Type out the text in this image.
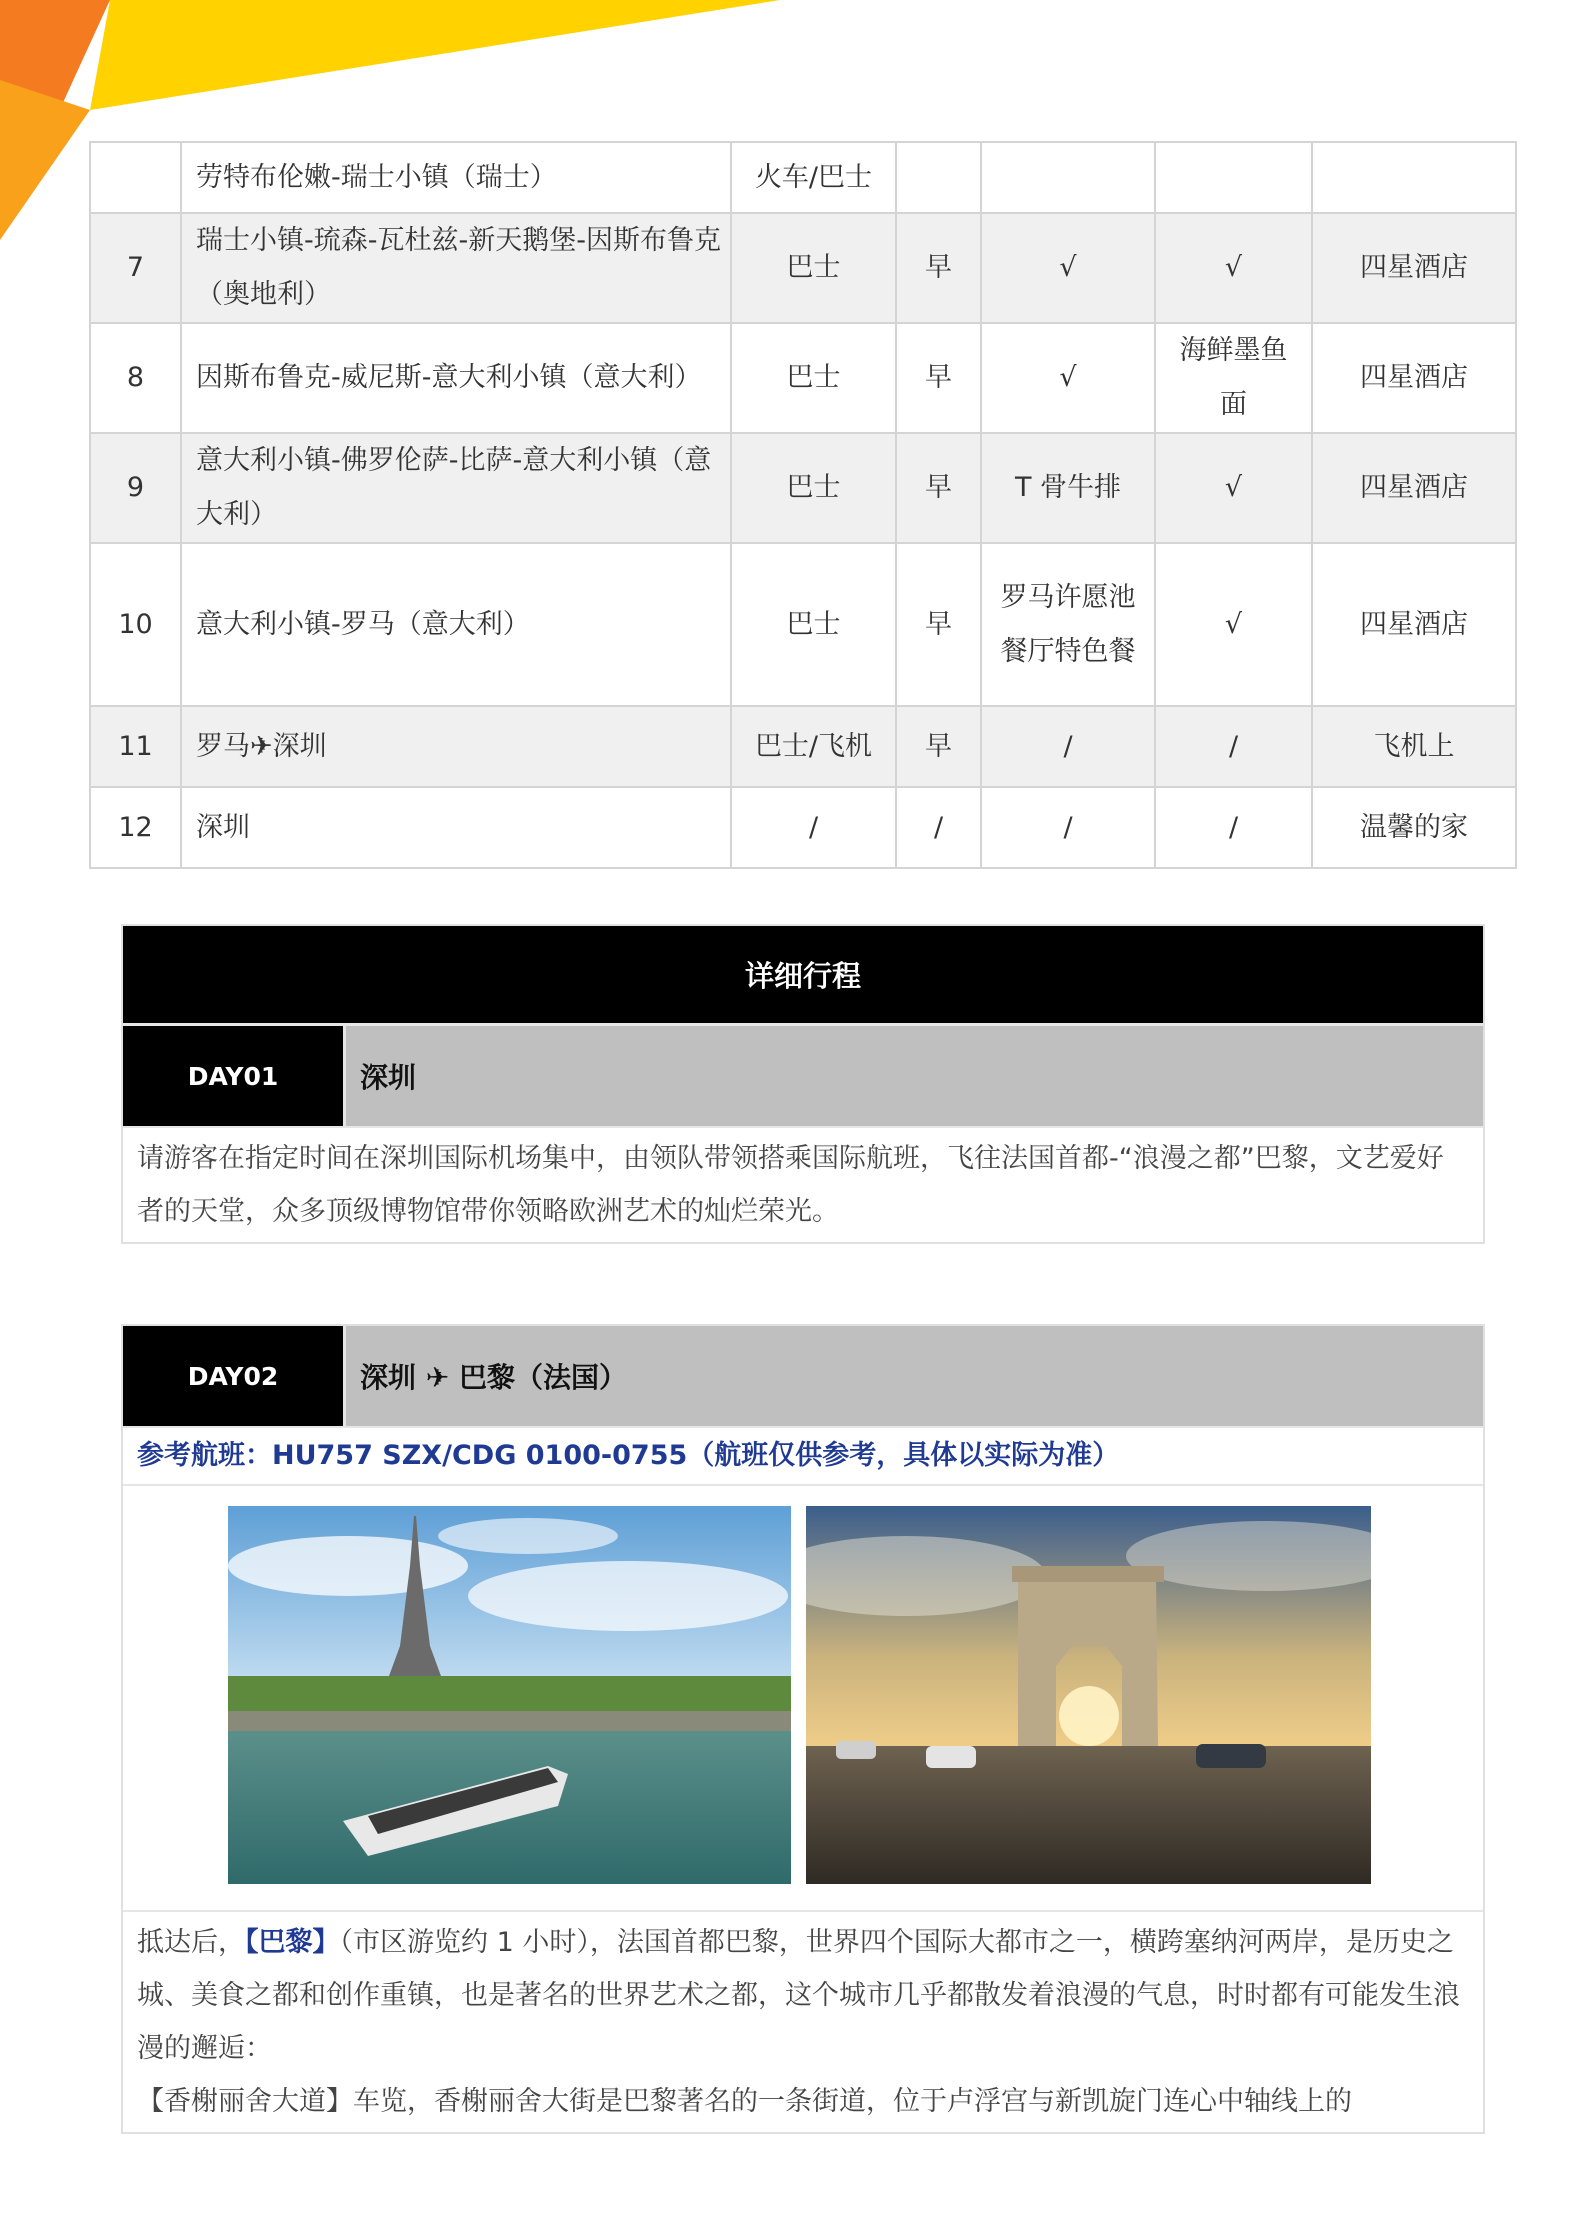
	劳特布伦嫩-瑞士小镇（瑞士）	火车/巴士				
7	瑞士小镇-琉森-瓦杜兹-新天鹅堡-因斯布鲁克（奥地利）	巴士	早	√	√	四星酒店
8	因斯布鲁克-威尼斯-意大利小镇（意大利）	巴士	早	√	海鲜墨鱼面	四星酒店
9	意大利小镇-佛罗伦萨-比萨-意大利小镇（意大利）	巴士	早	T 骨牛排	√	四星酒店
10	意大利小镇-罗马（意大利）	巴士	早	罗马许愿池餐厅特色餐	√	四星酒店
11	罗马✈深圳	巴士/飞机	早	/	/	飞机上
12	深圳	/	/	/	/	温馨的家
详细行程
DAY01	深圳
请游客在指定时间在深圳国际机场集中，由领队带领搭乘国际航班，飞往法国首都-“浪漫之都”巴黎，文艺爱好者的天堂，众多顶级博物馆带你领略欧洲艺术的灿烂荣光。
DAY02	深圳 ✈ 巴黎（法国）
参考航班：HU757 SZX/CDG 0100-0755（航班仅供参考，具体以实际为准）
抵达后，【巴黎】（市区游览约 1 小时），法国首都巴黎，世界四个国际大都市之一，横跨塞纳河两岸，是历史之城、美食之都和创作重镇，也是著名的世界艺术之都，这个城市几乎都散发着浪漫的气息，时时都有可能发生浪漫的邂逅：
【香榭丽舍大道】车览，香榭丽舍大街是巴黎著名的一条街道，位于卢浮宫与新凯旋门连心中轴线上的
